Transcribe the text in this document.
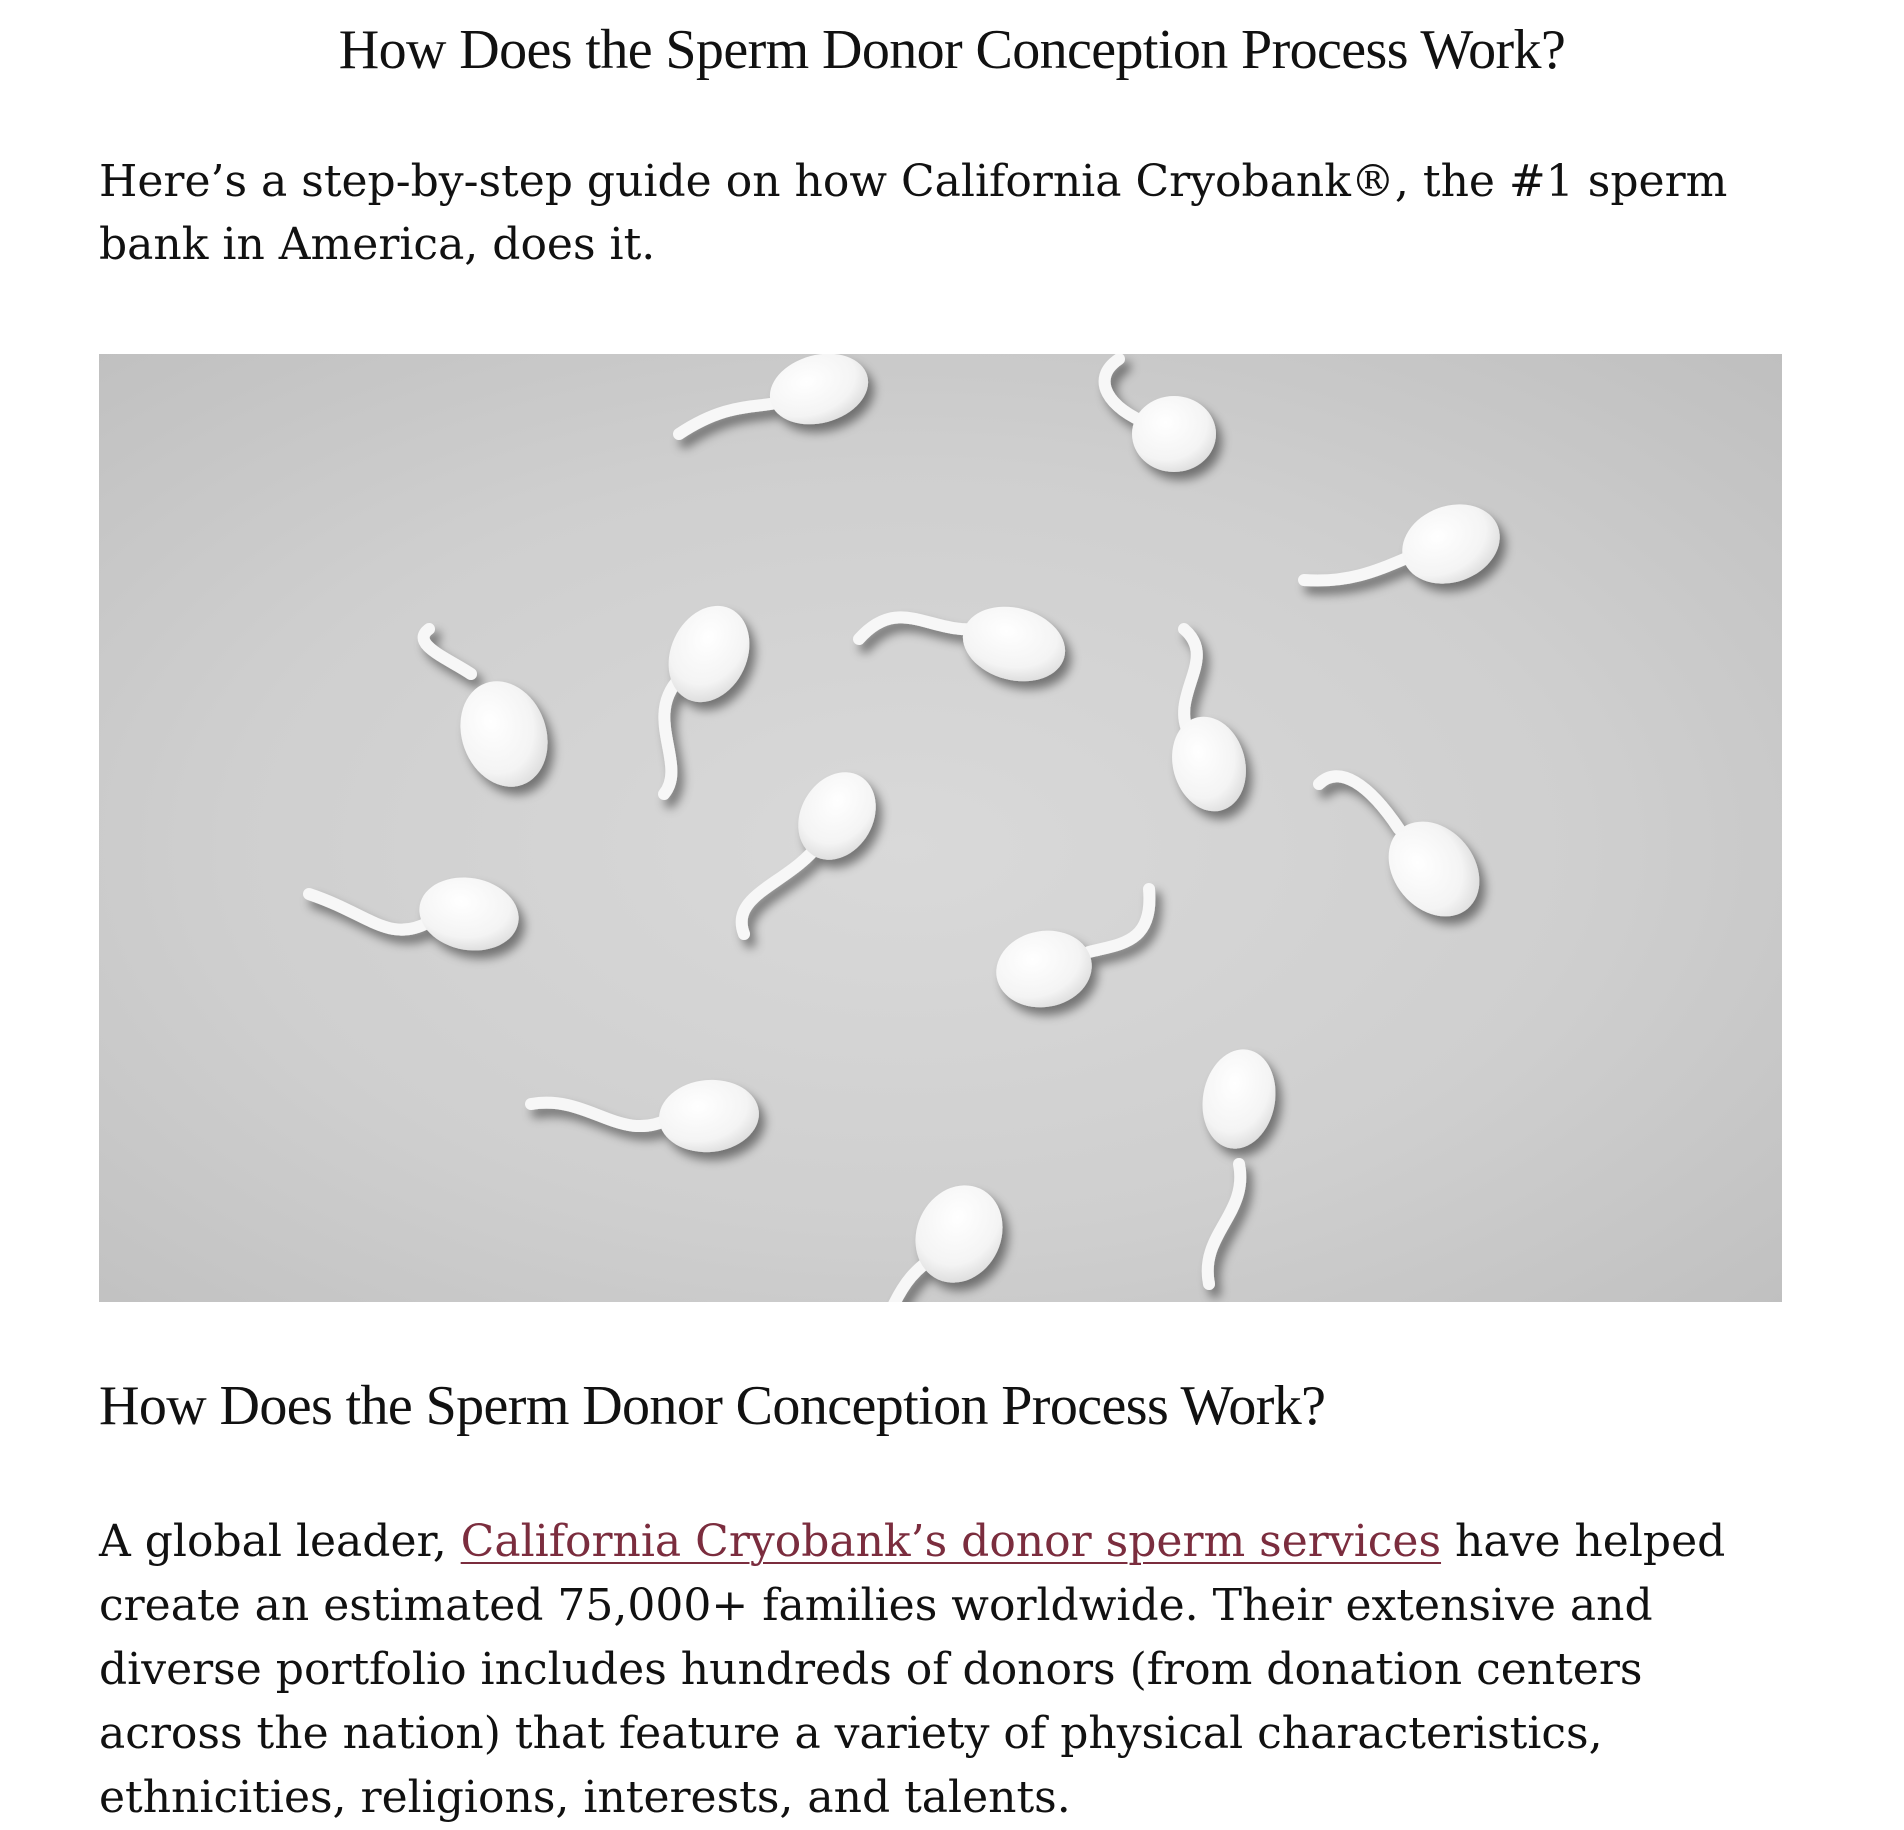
How Does the Sperm Donor Conception Process Work?

Here’s a step-by-step guide on how California Cryobank®, the #1 sperm bank in America, does it.

How Does the Sperm Donor Conception Process Work?

A global leader, California Cryobank’s donor sperm services have helped create an estimated 75,000+ families worldwide. Their extensive and diverse portfolio includes hundreds of donors (from donation centers across the nation) that feature a variety of physical characteristics, ethnicities, religions, interests, and talents.
